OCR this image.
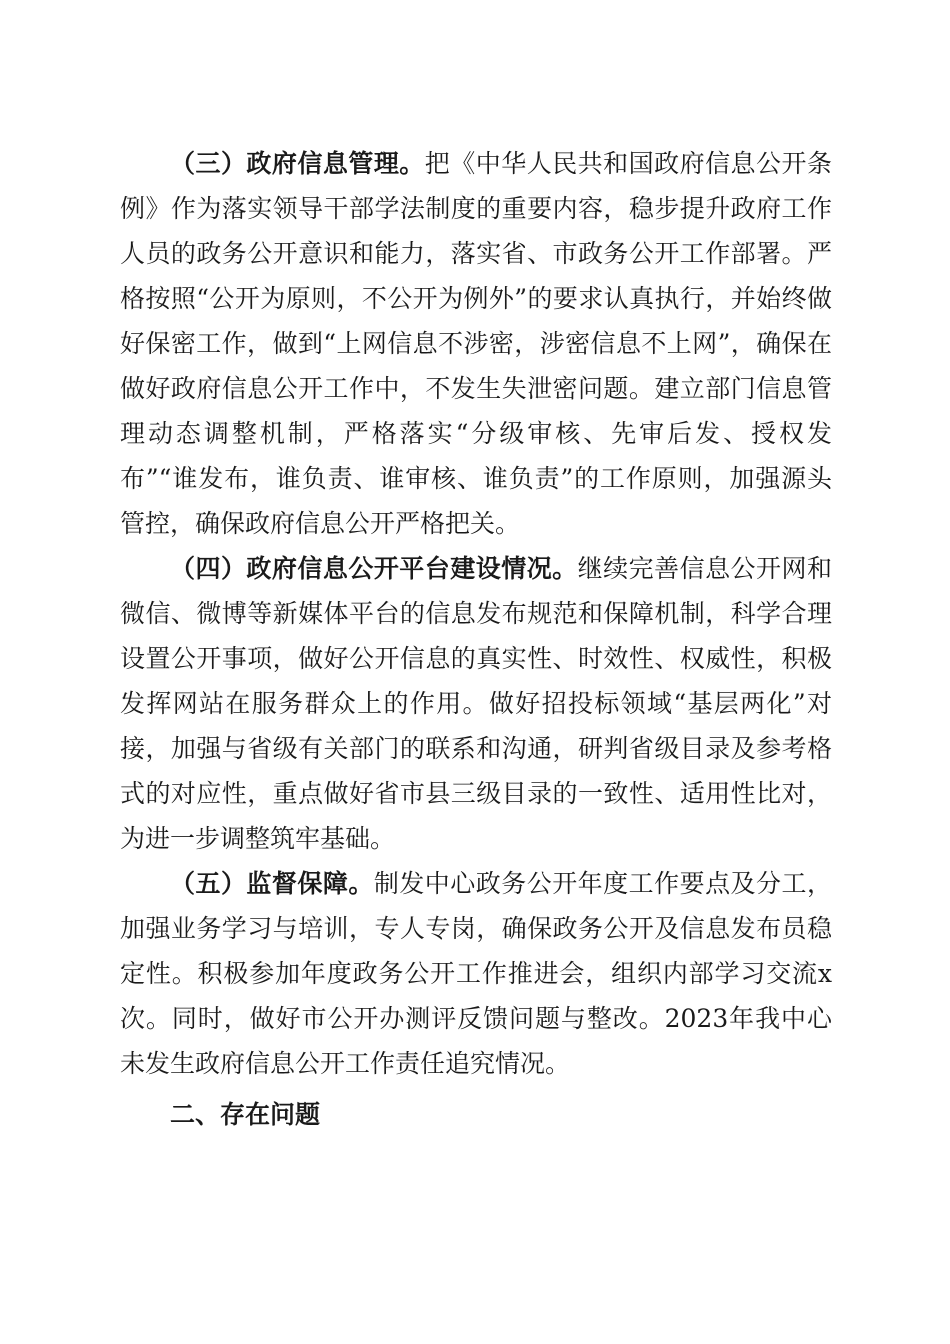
（三）政府信息管理。把《中华人民共和国政府信息公开条例》作为落实领导干部学法制度的重要内容，稳步提升政府工作人员的政务公开意识和能力，落实省、市政务公开工作部署。严格按照“公开为原则，不公开为例外”的要求认真执行，并始终做好保密工作，做到“上网信息不涉密，涉密信息不上网”，确保在做好政府信息公开工作中，不发生失泄密问题。建立部门信息管理动态调整机制，严格落实“分级审核、先审后发、授权发布”“谁发布，谁负责、谁审核、谁负责”的工作原则，加强源头管控，确保政府信息公开严格把关。

（四）政府信息公开平台建设情况。继续完善信息公开网和微信、微博等新媒体平台的信息发布规范和保障机制，科学合理设置公开事项，做好公开信息的真实性、时效性、权威性，积极发挥网站在服务群众上的作用。做好招投标领域“基层两化”对接，加强与省级有关部门的联系和沟通，研判省级目录及参考格式的对应性，重点做好省市县三级目录的一致性、适用性比对，为进一步调整筑牢基础。

（五）监督保障。制发中心政务公开年度工作要点及分工，加强业务学习与培训，专人专岗，确保政务公开及信息发布员稳定性。积极参加年度政务公开工作推进会，组织内部学习交流x次。同时，做好市公开办测评反馈问题与整改。2023年我中心未发生政府信息公开工作责任追究情况。

二、存在问题
